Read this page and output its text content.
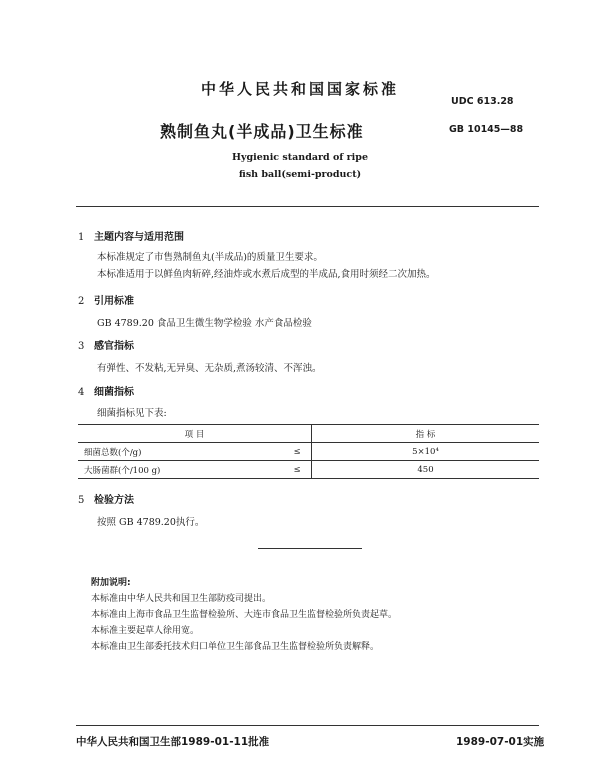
中华人民共和国国家标准
UDC 613.28
熟制鱼丸(半成品)卫生标准	GB 10145—88
Hygienic standard of ripe
fish ball(semi-product)
1 主题内容与适用范围
本标准规定了市售熟制鱼丸(半成品)的质量卫生要求。
本标准适用于以鲜鱼肉斩碎,经油炸或水煮后成型的半成品,食用时须经二次加热。
2 引用标准
GB 4789.20 食品卫生微生物学检验 水产食品检验
3 感官指标
有弹性、不发粘,无异臭、无杂质,煮汤较清、不浑浊。
4 细菌指标
细菌指标见下表:
项 目		指 标
细菌总数(个/g)	≤	5×10⁴
大肠菌群(个/100 g)	≤	450
5 检验方法
按照 GB 4789.20执行。
附加说明:
本标准由中华人民共和国卫生部防疫司提出。
本标准由上海市食品卫生监督检验所、大连市食品卫生监督检验所负责起草。
本标准主要起草人徐用宽。
本标准由卫生部委托技术归口单位卫生部食品卫生监督检验所负责解释。
中华人民共和国卫生部1989-01-11批准	1989-07-01实施
